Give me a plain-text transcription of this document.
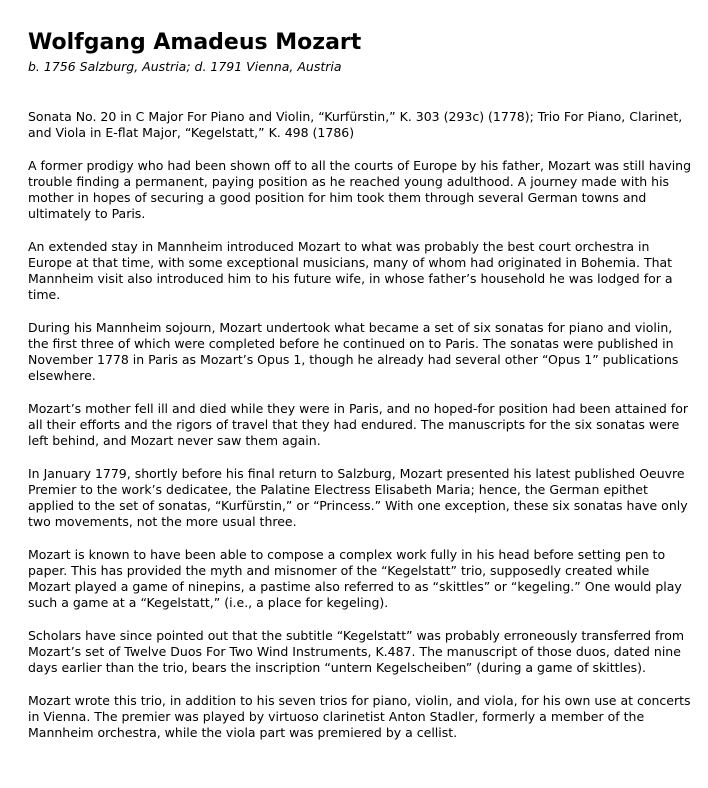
Wolfgang Amadeus Mozart
b. 1756 Salzburg, Austria; d. 1791 Vienna, Austria

Sonata No. 20 in C Major For Piano and Violin, “Kurfürstin,” K. 303 (293c) (1778); Trio For Piano, Clarinet, and Viola in E-flat Major, “Kegelstatt,” K. 498 (1786)

A former prodigy who had been shown off to all the courts of Europe by his father, Mozart was still having trouble finding a permanent, paying position as he reached young adulthood. A journey made with his mother in hopes of securing a good position for him took them through several German towns and ultimately to Paris.

An extended stay in Mannheim introduced Mozart to what was probably the best court orchestra in Europe at that time, with some exceptional musicians, many of whom had originated in Bohemia. That Mannheim visit also introduced him to his future wife, in whose father’s household he was lodged for a time.

During his Mannheim sojourn, Mozart undertook what became a set of six sonatas for piano and violin, the first three of which were completed before he continued on to Paris. The sonatas were published in November 1778 in Paris as Mozart’s Opus 1, though he already had several other “Opus 1” publications elsewhere.

Mozart’s mother fell ill and died while they were in Paris, and no hoped-for position had been attained for all their efforts and the rigors of travel that they had endured. The manuscripts for the six sonatas were left behind, and Mozart never saw them again.

In January 1779, shortly before his final return to Salzburg, Mozart presented his latest published Oeuvre Premier to the work’s dedicatee, the Palatine Electress Elisabeth Maria; hence, the German epithet applied to the set of sonatas, “Kurfürstin,” or “Princess.” With one exception, these six sonatas have only two movements, not the more usual three.

Mozart is known to have been able to compose a complex work fully in his head before setting pen to paper. This has provided the myth and misnomer of the “Kegelstatt” trio, supposedly created while Mozart played a game of ninepins, a pastime also referred to as “skittles” or “kegeling.” One would play such a game at a “Kegelstatt,” (i.e., a place for kegeling).

Scholars have since pointed out that the subtitle “Kegelstatt” was probably erroneously transferred from Mozart’s set of Twelve Duos For Two Wind Instruments, K.487. The manuscript of those duos, dated nine days earlier than the trio, bears the inscription “untern Kegelscheiben” (during a game of skittles).

Mozart wrote this trio, in addition to his seven trios for piano, violin, and viola, for his own use at concerts in Vienna. The premier was played by virtuoso clarinetist Anton Stadler, formerly a member of the Mannheim orchestra, while the viola part was premiered by a cellist.
